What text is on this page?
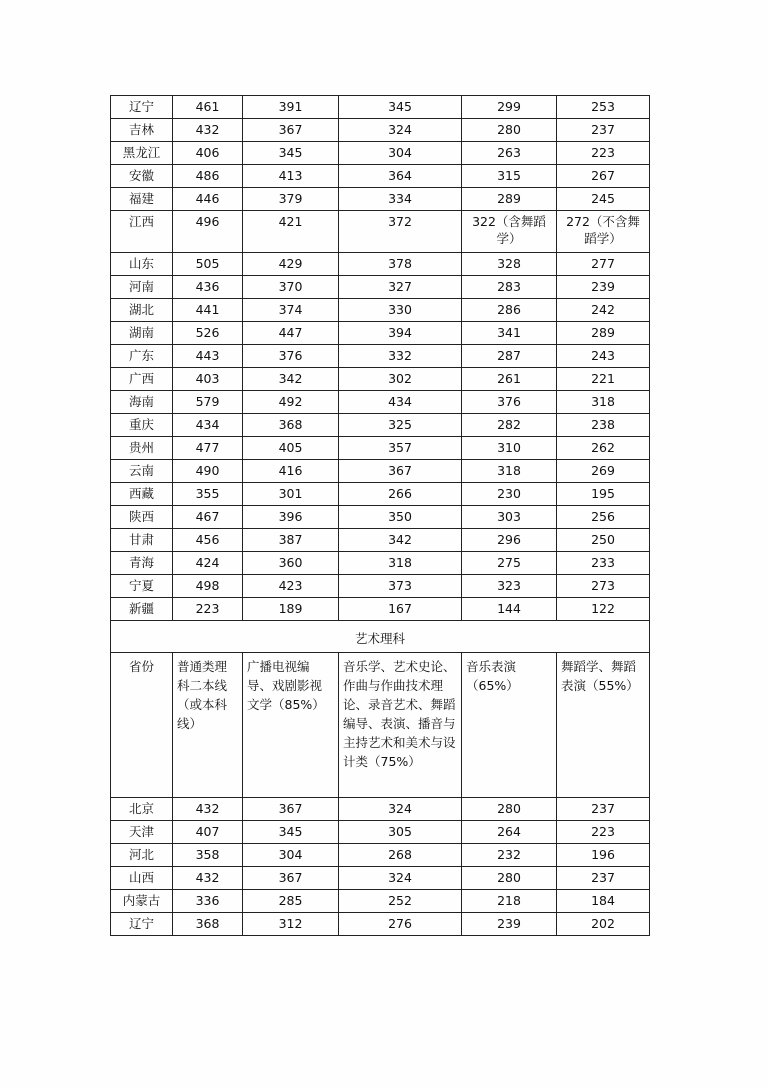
辽宁	461	391	345	299	253
吉林	432	367	324	280	237
黑龙江	406	345	304	263	223
安徽	486	413	364	315	267
福建	446	379	334	289	245
江西	496	421	372	322（含舞蹈学）	272（不含舞蹈学）
山东	505	429	378	328	277
河南	436	370	327	283	239
湖北	441	374	330	286	242
湖南	526	447	394	341	289
广东	443	376	332	287	243
广西	403	342	302	261	221
海南	579	492	434	376	318
重庆	434	368	325	282	238
贵州	477	405	357	310	262
云南	490	416	367	318	269
西藏	355	301	266	230	195
陕西	467	396	350	303	256
甘肃	456	387	342	296	250
青海	424	360	318	275	233
宁夏	498	423	373	323	273
新疆	223	189	167	144	122
艺术理科					
省份	普通类理科二本线（或本科线）	广播电视编导、戏剧影视文学（85%）	音乐学、艺术史论、作曲与作曲技术理论、录音艺术、舞蹈编导、表演、播音与主持艺术和美术与设计类（75%）	音乐表演（65%）	舞蹈学、舞蹈表演（55%）
北京	432	367	324	280	237
天津	407	345	305	264	223
河北	358	304	268	232	196
山西	432	367	324	280	237
内蒙古	336	285	252	218	184
辽宁	368	312	276	239	202
